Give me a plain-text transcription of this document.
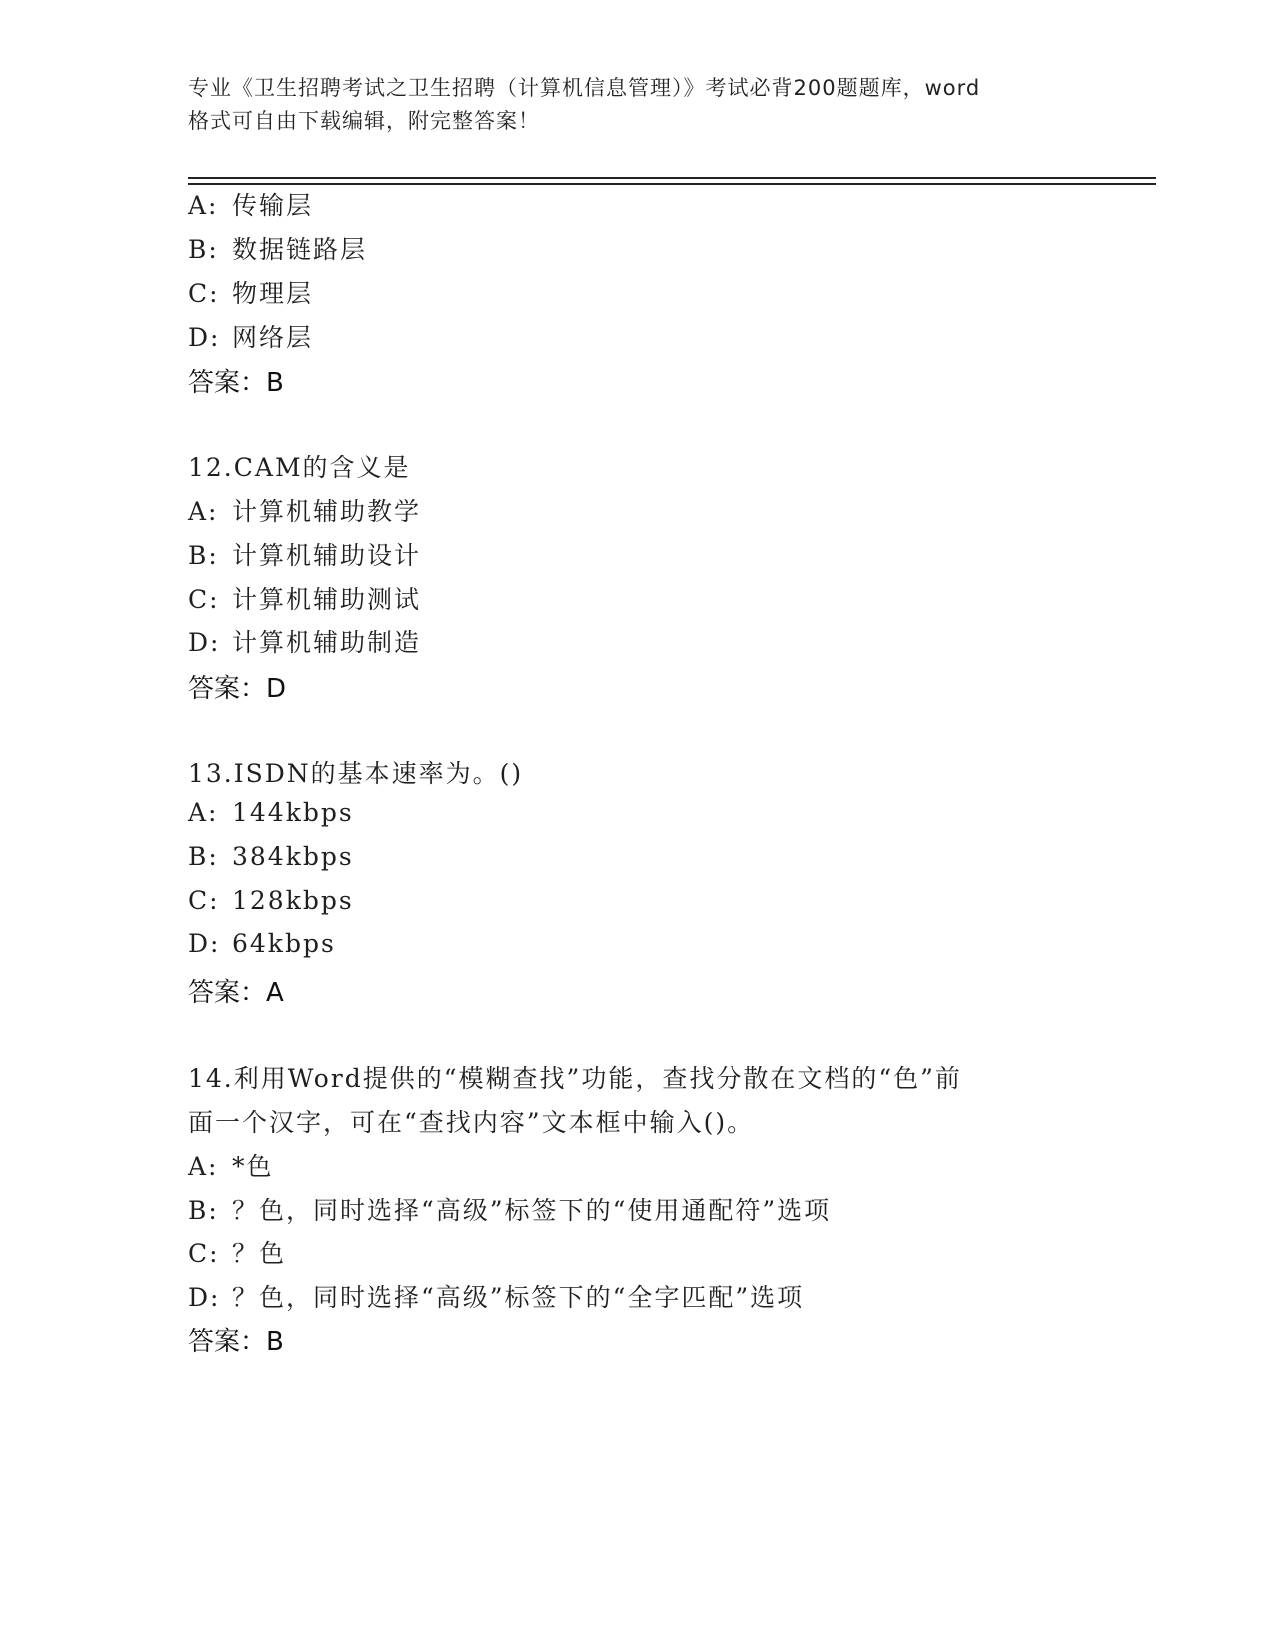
专业《卫生招聘考试之卫生招聘（计算机信息管理）》考试必背200题题库，word
格式可自由下载编辑，附完整答案！
A: 传输层
B: 数据链路层
C: 物理层
D: 网络层
答案：B
12.CAM的含义是
A: 计算机辅助教学
B: 计算机辅助设计
C: 计算机辅助测试
D: 计算机辅助制造
答案：D
13.ISDN的基本速率为。()
A: 144kbps
B: 384kbps
C: 128kbps
D: 64kbps
答案：A
14.利用Word提供的“模糊查找”功能，查找分散在文档的“色”前
面一个汉字，可在“查找内容”文本框中输入()。
A: *色
B: ？色，同时选择“高级”标签下的“使用通配符”选项
C: ？色
D: ？色，同时选择“高级”标签下的“全字匹配”选项
答案：B
